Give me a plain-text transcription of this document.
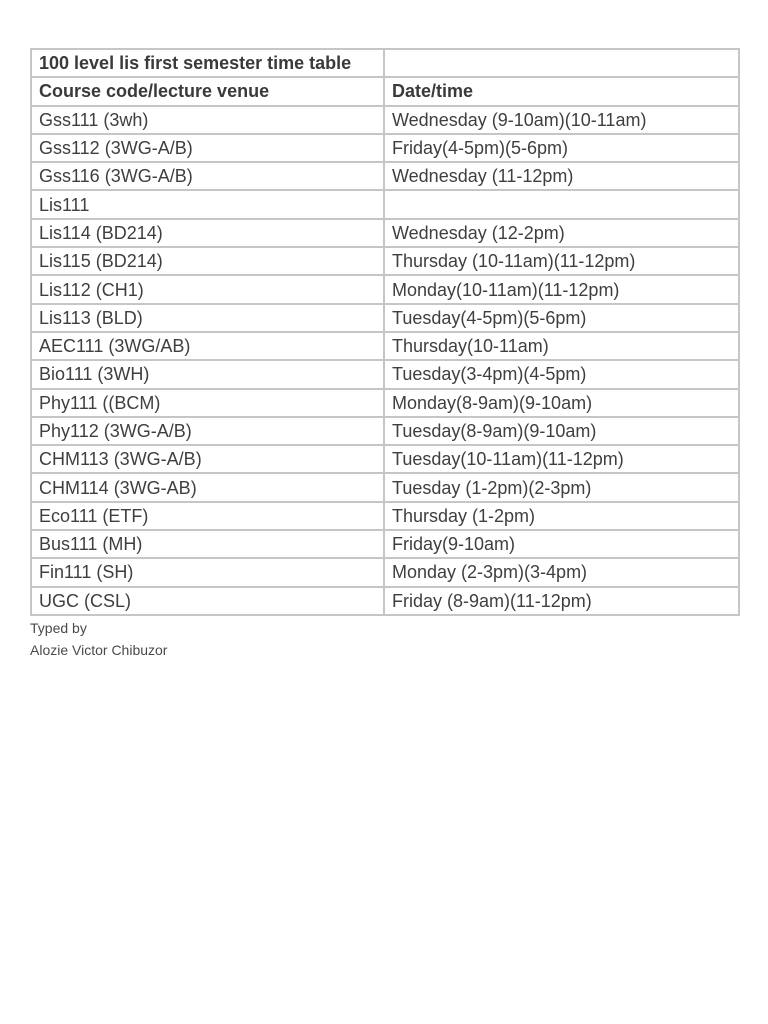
100 level lis first semester time table	
Course code/lecture venue	Date/time
Gss111 (3wh)	Wednesday (9-10am)(10-11am)
Gss112 (3WG-A/B)	Friday(4-5pm)(5-6pm)
Gss116 (3WG-A/B)	Wednesday (11-12pm)
Lis111	
Lis114 (BD214)	Wednesday (12-2pm)
Lis115 (BD214)	Thursday (10-11am)(11-12pm)
Lis112 (CH1)	Monday(10-11am)(11-12pm)
Lis113 (BLD)	Tuesday(4-5pm)(5-6pm)
AEC111 (3WG/AB)	Thursday(10-11am)
Bio111 (3WH)	Tuesday(3-4pm)(4-5pm)
Phy111 ((BCM)	Monday(8-9am)(9-10am)
Phy112 (3WG-A/B)	Tuesday(8-9am)(9-10am)
CHM113 (3WG-A/B)	Tuesday(10-11am)(11-12pm)
CHM114 (3WG-AB)	Tuesday (1-2pm)(2-3pm)
Eco111 (ETF)	Thursday (1-2pm)
Bus111 (MH)	Friday(9-10am)
Fin111 (SH)	Monday (2-3pm)(3-4pm)
UGC (CSL)	Friday (8-9am)(11-12pm)
Typed by
Alozie Victor Chibuzor
